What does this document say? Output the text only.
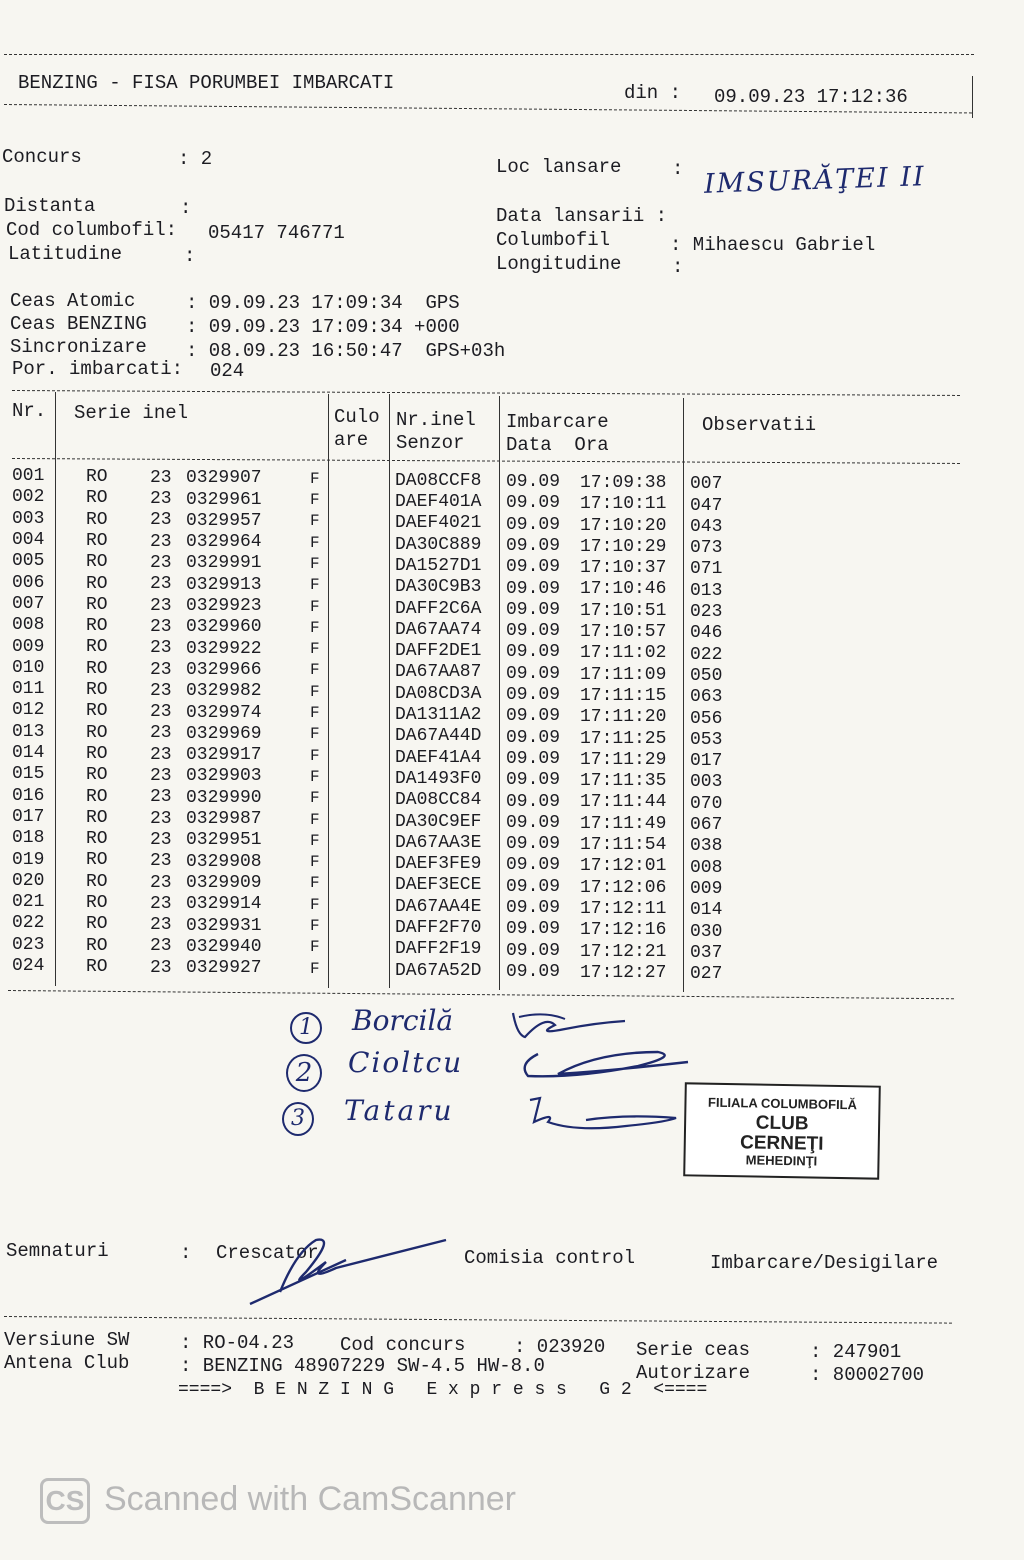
BENZING - FISA PORUMBEI IMBARCATI	din : 09.09.23 17:12:36
Concurs	: 2
Distanta	:
Cod columbofil: 05417 746771
Latitudine	:
Loc lansare	: IMSURĂŢEI II
Data lansarii :
Columbofil	: Mihaescu Gabriel
Longitudine	:
Ceas Atomic	: 09.09.23 17:09:34  GPS
Ceas BENZING : 09.09.23 17:09:34 +000
Sincronizare : 08.09.23 16:50:47  GPS+03h
Por. imbarcati: 024
Nr. Serie inel	Culo
are
Nr.inel
Senzor
Imbarcare
Data  Ora
Observatii
001 RO 23 0329907	F	DA08CCF8 09.09 17:09:38 007
002 RO 23 0329961	F	DAEF401A 09.09 17:10:11 047
003 RO 23 0329957	F	DAEF4021 09.09 17:10:20 043
004 RO 23 0329964	F	DA30C889 09.09 17:10:29 073
005 RO 23 0329991	F	DA1527D1 09.09 17:10:37 071
006 RO 23 0329913	F	DA30C9B3 09.09 17:10:46 013
007 RO 23 0329923	F	DAFF2C6A 09.09 17:10:51 023
008 RO 23 0329960	F	DA67AA74 09.09 17:10:57 046
009 RO 23 0329922	F	DAFF2DE1 09.09 17:11:02 022
010 RO 23 0329966	F	DA67AA87 09.09 17:11:09 050
011 RO 23 0329982	F	DA08CD3A 09.09 17:11:15 063
012 RO 23 0329974	F	DA1311A2 09.09 17:11:20 056
013 RO 23 0329969	F	DA67A44D 09.09 17:11:25 053
014 RO 23 0329917	F	DAEF41A4 09.09 17:11:29 017
015 RO 23 0329903	F	DA1493F0 09.09 17:11:35 003
016 RO 23 0329990	F	DA08CC84 09.09 17:11:44 070
017 RO 23 0329987	F	DA30C9EF 09.09 17:11:49 067
018 RO 23 0329951	F	DA67AA3E 09.09 17:11:54 038
019 RO 23 0329908	F	DAEF3FE9 09.09 17:12:01 008
020 RO 23 0329909	F	DAEF3ECE 09.09 17:12:06 009
021 RO 23 0329914	F	DA67AA4E 09.09 17:12:11 014
022 RO 23 0329931	F	DAFF2F70 09.09 17:12:16 030
023 RO 23 0329940	F	DAFF2F19 09.09 17:12:21 037
024 RO 23 0329927	F	DA67A52D 09.09 17:12:27 027
1	Borcilă
2	Cioltcu
3	Tataru	FILIALA COLUMBOFILĂ
CLUB
CERNEŢI
MEHEDINŢI
Semnaturi	: Crescator	Comisia control	Imbarcare/Desigilare
Versiune SW	: RO-04.23 Cod concurs	: 023920 Serie ceas	: 247901
Antena Club	: BENZING 48907229 SW-4.5 HW-8.0	Autorizare	: 80002700
====>  B E N Z I N G   E x p r e s s   G 2  <====
CS Scanned with CamScanner
